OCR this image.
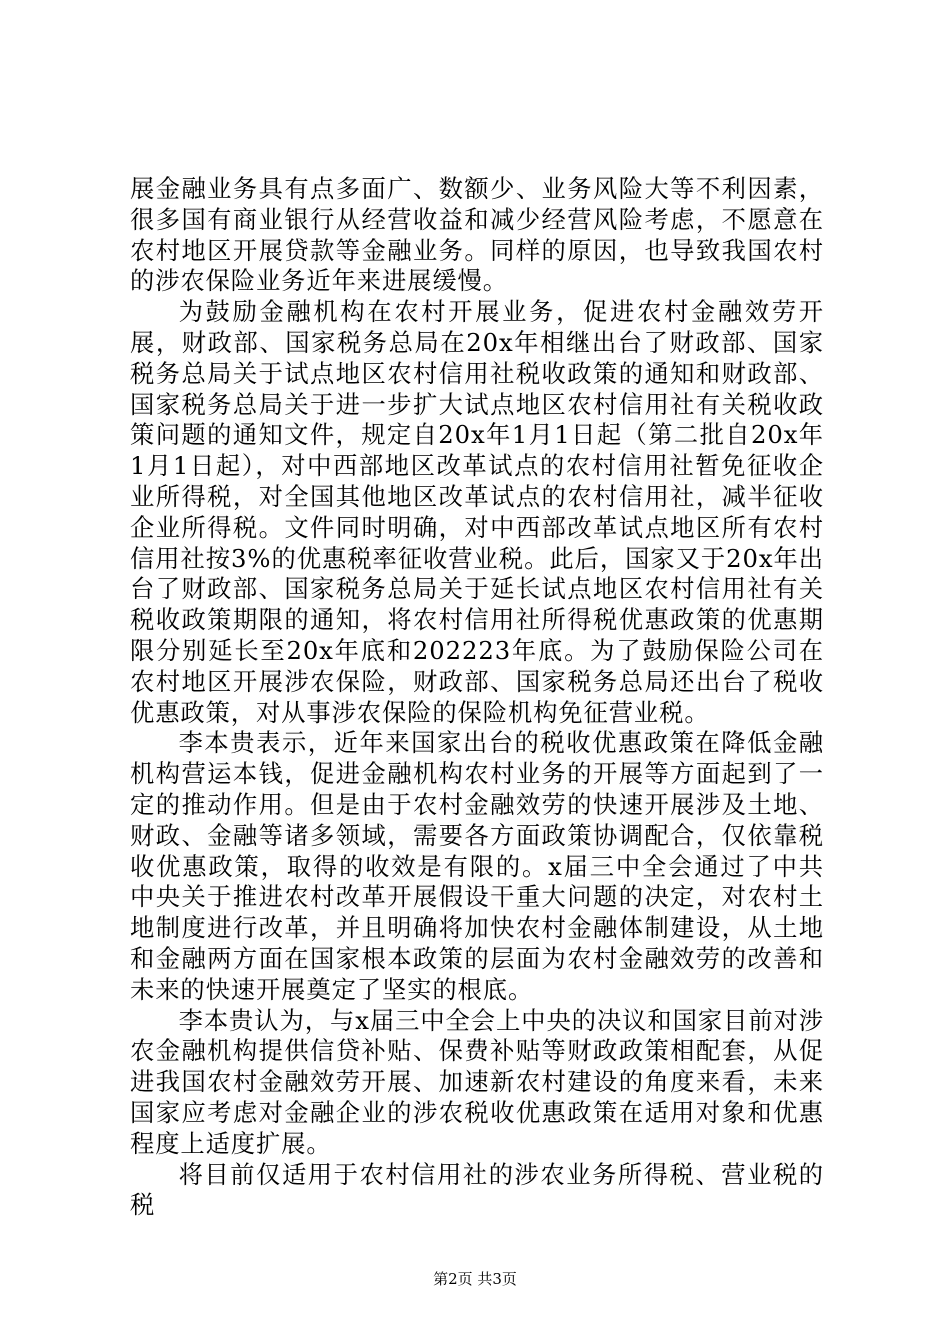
展金融业务具有点多面广、数额少、业务风险大等不利因素，很多国有商业银行从经营收益和减少经营风险考虑，不愿意在农村地区开展贷款等金融业务。同样的原因，也导致我国农村的涉农保险业务近年来进展缓慢。

为鼓励金融机构在农村开展业务，促进农村金融效劳开展，财政部、国家税务总局在20x年相继出台了财政部、国家税务总局关于试点地区农村信用社税收政策的通知和财政部、国家税务总局关于进一步扩大试点地区农村信用社有关税收政策问题的通知文件，规定自20x年1月1日起（第二批自20x年1月1日起），对中西部地区改革试点的农村信用社暂免征收企业所得税，对全国其他地区改革试点的农村信用社，减半征收企业所得税。文件同时明确，对中西部改革试点地区所有农村信用社按3%的优惠税率征收营业税。此后，国家又于20x年出台了财政部、国家税务总局关于延长试点地区农村信用社有关税收政策期限的通知，将农村信用社所得税优惠政策的优惠期限分别延长至20x年底和202223年底。为了鼓励保险公司在农村地区开展涉农保险，财政部、国家税务总局还出台了税收优惠政策，对从事涉农保险的保险机构免征营业税。

李本贵表示，近年来国家出台的税收优惠政策在降低金融机构营运本钱，促进金融机构农村业务的开展等方面起到了一定的推动作用。但是由于农村金融效劳的快速开展涉及土地、财政、金融等诸多领域，需要各方面政策协调配合，仅依靠税收优惠政策，取得的收效是有限的。x届三中全会通过了中共中央关于推进农村改革开展假设干重大问题的决定，对农村土地制度进行改革，并且明确将加快农村金融体制建设，从土地和金融两方面在国家根本政策的层面为农村金融效劳的改善和未来的快速开展奠定了坚实的根底。

李本贵认为，与x届三中全会上中央的决议和国家目前对涉农金融机构提供信贷补贴、保费补贴等财政政策相配套，从促进我国农村金融效劳开展、加速新农村建设的角度来看，未来国家应考虑对金融企业的涉农税收优惠政策在适用对象和优惠程度上适度扩展。

将目前仅适用于农村信用社的涉农业务所得税、营业税的税

第2页 共3页
